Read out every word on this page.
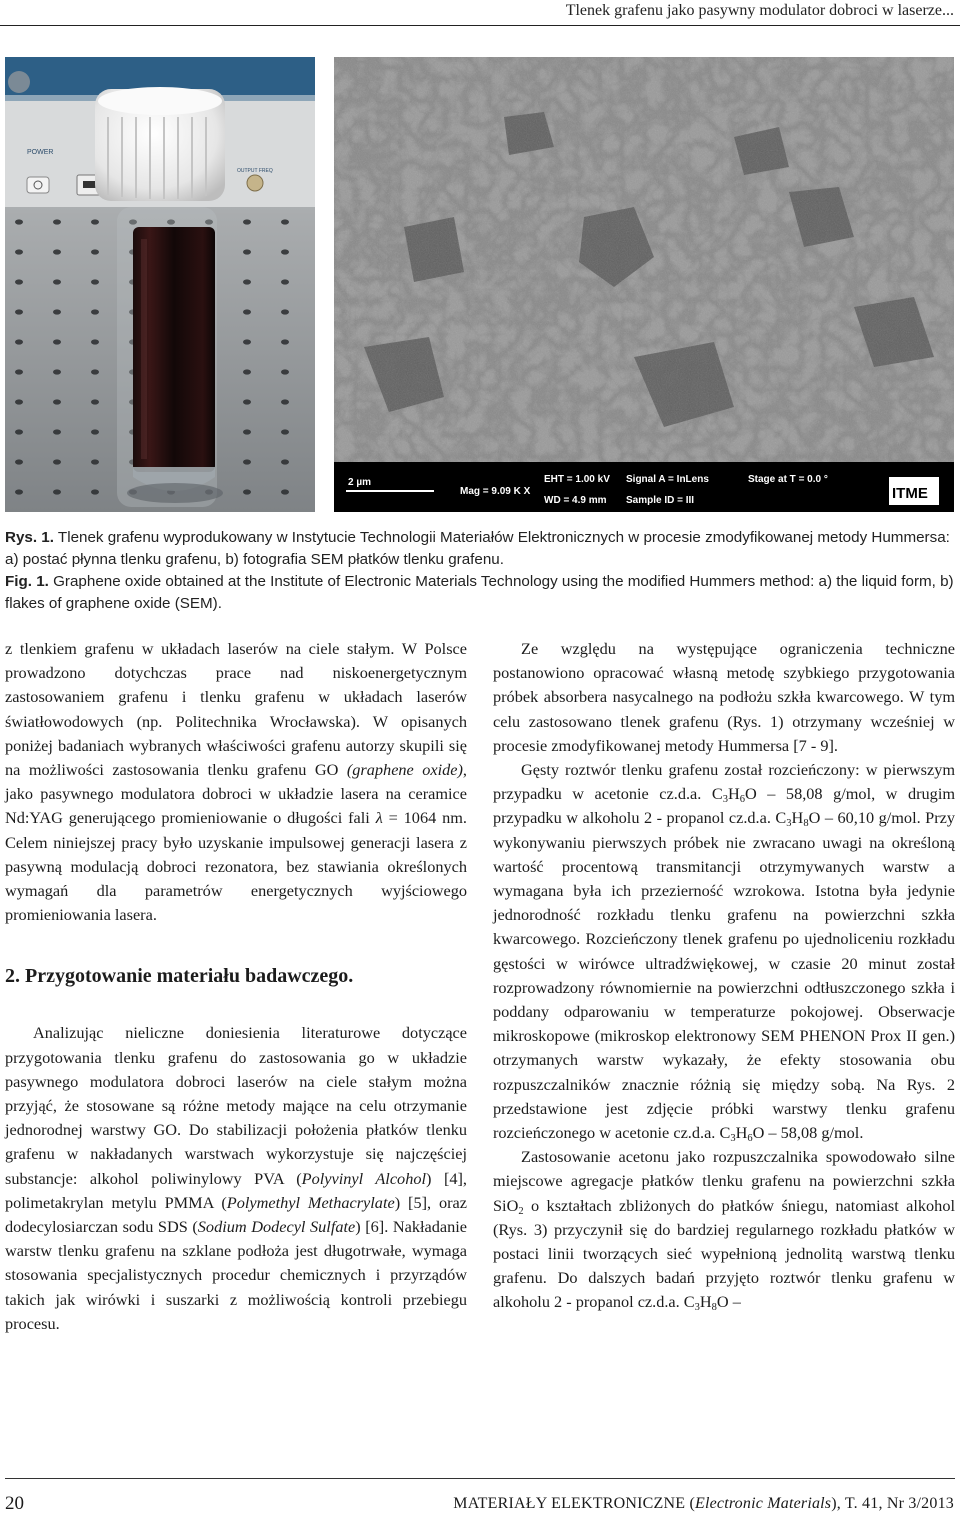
Tlenek grafenu jako pasywny modulator dobroci w laserze...
POWER
OUTPUT FREQ
2 µm
Mag = 9.09 K X
EHT = 1.00 kV
WD = 4.9 mm
Signal A = InLens
Sample ID = III
Stage at T = 0.0 °
ITME
Rys. 1. Tlenek grafenu wyprodukowany w Instytucie Technologii Materiałów Elektronicznych w procesie zmodyfikowanej metody Hummersa: a) postać płynna tlenku grafenu, b) fotografia SEM płatków tlenku grafenu.
Fig. 1. Graphene oxide obtained at the Institute of Electronic Materials Technology using the modified Hummers method: a) the liquid form, b) flakes of graphene oxide (SEM).

z tlenkiem grafenu w układach laserów na ciele stałym. W Polsce prowadzono dotychczas prace nad niskoenergetycznym zastosowaniem grafenu i tlenku grafenu w układach laserów światłowodowych (np. Politechnika Wrocławska). W opisanych poniżej badaniach wybranych właściwości grafenu autorzy skupili się na możliwości zastosowania tlenku grafenu GO (graphene oxide), jako pasywnego modulatora dobroci w układzie lasera na ceramice Nd:YAG generującego promieniowanie o długości fali λ = 1064 nm. Celem niniejszej pracy było uzyskanie impulsowej generacji lasera z pasywną modulacją dobroci rezonatora, bez stawiania określonych wymagań dla parametrów energetycznych wyjściowego promieniowania lasera.

2. Przygotowanie materiału badawczego.

Analizując nieliczne doniesienia literaturowe dotyczące przygotowania tlenku grafenu do zastosowania go w układzie pasywnego modulatora dobroci laserów na ciele stałym można przyjąć, że stosowane są różne metody mające na celu otrzymanie jednorodnej warstwy GO. Do stabilizacji położenia płatków tlenku grafenu w nakładanych warstwach wykorzystuje się najczęściej substancje: alkohol poliwinylowy PVA (Polyvinyl Alcohol) [4], polimetakrylan metylu PMMA (Polymethyl Methacrylate) [5], oraz dodecylosiarczan sodu SDS (Sodium Dodecyl Sulfate) [6]. Nakładanie warstw tlenku grafenu na szklane podłoża jest długotrwałe, wymaga stosowania specjalistycznych procedur chemicznych i przyrządów takich jak wirówki i suszarki z możliwością kontroli przebiegu procesu.

Ze względu na występujące ograniczenia techniczne postanowiono opracować własną metodę szybkiego przygotowania próbek absorbera nasycalnego na podłożu szkła kwarcowego. W tym celu zastosowano tlenek grafenu (Rys. 1) otrzymany wcześniej w procesie zmodyfikowanej metody Hummersa [7 - 9].

Gęsty roztwór tlenku grafenu został rozcieńczony: w pierwszym przypadku w acetonie cz.d.a. $C_3H_6O - 58,08$ g/mol, w drugim przypadku w alkoholu 2 - propanol cz.d.a. $C_3H_8O - 60,10$ g/mol. Przy wykonywaniu pierwszych próbek nie zwracano uwagi na określoną wartość procentową transmitancji otrzymywanych warstw a wymagana była ich przezierność wzrokowa. Istotna była jedynie jednorodność rozkładu tlenku grafenu na powierzchni szkła kwarcowego. Rozcieńczony tlenek grafenu po ujednoliceniu rozkładu gęstości w wirówce ultradźwiękowej, w czasie 20 minut został rozprowadzony równomiernie na powierzchni odtłuszczonego szkła i poddany odparowaniu w temperaturze pokojowej. Obserwacje mikroskopowe (mikroskop elektronowy SEM PHENON Prox II gen.) otrzymanych warstw wykazały, że efekty stosowania obu rozpuszczalników znacznie różnią się między sobą. Na Rys. 2 przedstawione jest zdjęcie próbki warstwy tlenku grafenu rozcieńczonego w acetonie cz.d.a. $C_3H_6O - 58,08$ g/mol.

Zastosowanie acetonu jako rozpuszczalnika spowodowało silne miejscowe agregacje płatków tlenku grafenu na powierzchni szkła SiO$_2$ o kształtach zbliżonych do płatków śniegu, natomiast alkohol (Rys. 3) przyczynił się do bardziej regularnego rozkładu płatków w postaci linii tworzących sieć wypełnioną jednolitą warstwą tlenku grafenu. Do dalszych badań przyjęto roztwór tlenku grafenu w alkoholu 2 - propanol cz.d.a. $C_3H_8O$ –

20	MATERIAŁY ELEKTRONICZNE (Electronic Materials), T. 41, Nr 3/2013
